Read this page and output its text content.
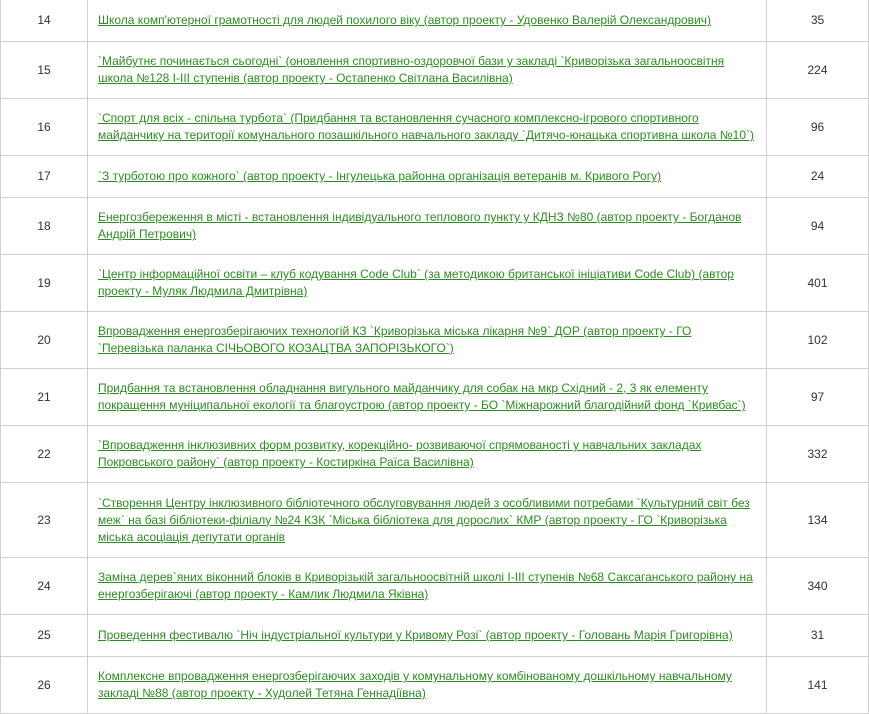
14	Школа комп'ютерної грамотності для людей похилого віку (автор проекту - Удовенко Валерій Олександрович)	35
15	`Майбутнє починається сьогодні` (оновлення спортивно-оздоровчої бази у закладі `Криворізька загальноосвітня школа №128 І-ІІІ ступенів (автор проекту - Остапенко Світлана Василівна)	224
16	`Спорт для всіх - спільна турбота` (Придбання та встановлення сучасного комплексно-ігрового спортивного майданчику на території комунального позашкільного навчального закладу `Дитячо-юнацька спортивна школа №10`)	96
17	`З турботою про кожного` (автор проекту - Інгулецька районна організація ветеранів м. Кривого Рогу)	24
18	Енергозбереження в місті - встановлення індивідуального теплового пункту у КДНЗ №80 (автор проекту - Богданов Андрій Петрович)	94
19	`Центр інформаційної освіти – клуб кодування Code Club` (за методикою британської ініціативи Code Club) (автор проекту - Муляк Людмила Дмитрівна)	401
20	Впровадження енергозберігаючих технологій КЗ `Криворізька міська лікарня №9` ДОР (автор проекту - ГО `Перевізька паланка СІЧЬОВОГО КОЗАЦТВА ЗАПОРІЗЬКОГО`)	102
21	Придбання та встановлення обладнання вигульного майданчику для собак на мкр Східний - 2, 3 як елементу покращення муніципальної екології та благоустрою (автор проекту - БО `Міжнарожний благодійний фонд `Кривбас`)	97
22	`Впровадження інклюзивних форм розвитку, корекційно- розвиваючої спрямованості у навчальних закладах Покровського району` (автор проекту - Костиркіна Раїса Василівна)	332
23	`Створення Центру інклюзивного бібліотечного обслуговування людей з особливими потребами `Культурний світ без меж` на базі бібліотеки-філіалу №24 КЗК `Міська бібліотека для дорослих` КМР (автор проекту - ГО `Криворізька міська асоціація депутати органів	134
24	Заміна дерев`яних віконний блоків в Криворізькій загальноосвітній школі І-ІІІ ступенів №68 Саксаганського району на енергозберігаючі (автор проекту - Камлик Людмила Яківна)	340
25	Проведення фестивалю `Ніч індустріальної культури у Кривому Розі` (автор проекту - Головань Марія Григорівна)	31
26	Комплексне впровадження енергозберігаючих заходів у комунальному комбінованому дошкільному навчальному закладі №88 (автор проекту - Худолей Тетяна Геннадіївна)	141
